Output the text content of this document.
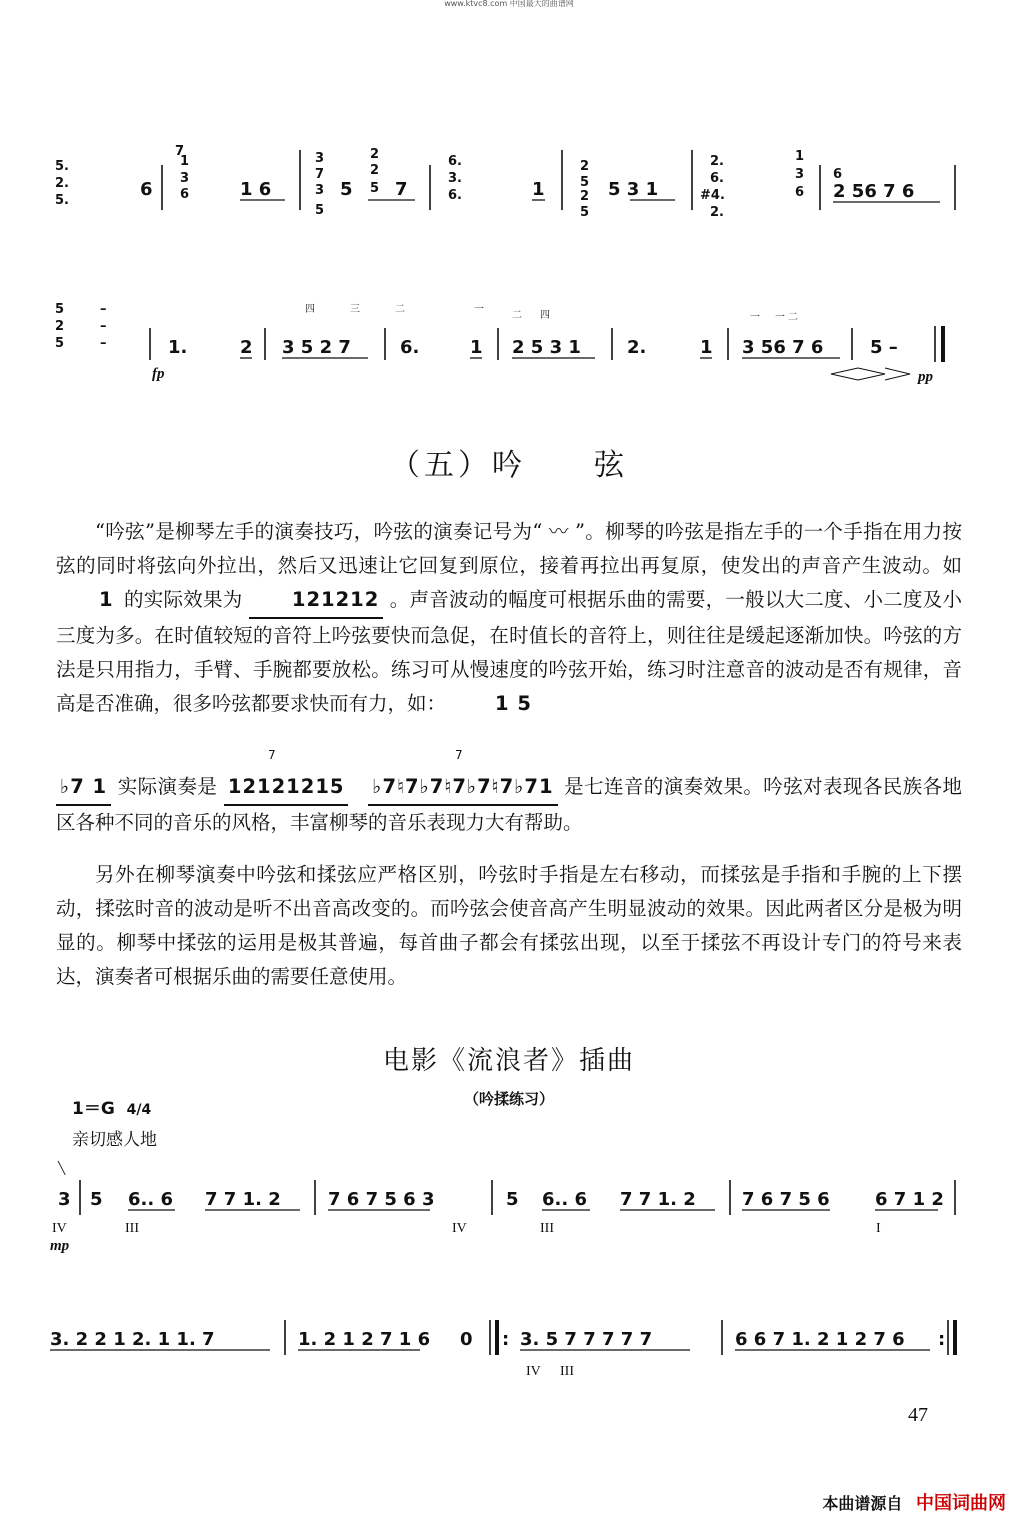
www.ktvc8.com 中国最大的曲谱网
5.
2.
5.
6
7
1
3
6	1 6
3
7
3
5
5
2
2
5 7
6.
3.
6.	1
2
5
2
5
5 3 1
2.
6.
#4.
2.
1
3
6
6
2 56 7 6
5
2
5
–
–
–	1.
fp
2
四	三	二
3 5 2 7	6.
一
1
二 四
2 5 3 1	2.	1
一 一 二
3 56 7 6	5 –
pp
（五）吟　　弦

“吟弦”是柳琴左手的演奏技巧，吟弦的演奏记号为“ 〰 ”。柳琴的吟弦是指左手的一个手指在用力按弦的同时将弦向外拉出，然后又迅速让它回复到原位，接着再拉出再复原，使发出的声音产生波动。如1 的实际效果为 121212 。声音波动的幅度可根据乐曲的需要，一般以大二度、小二度及小三度为多。在时值较短的音符上吟弦要快而急促，在时值长的音符上，则往往是缓起逐渐加快。吟弦的方法是只用指力，手臂、手腕都要放松。练习可从慢速度的吟弦开始，练习时注意音的波动是否有规律，音高是否准确，很多吟弦都要求快而有力，如：	1 5

♭7 1 实际演奏是 12121215 ♭7♮7♭7♮7♭7♮7♭71 是七连音的演奏效果。吟弦对表现各民族各地区各种不同的音乐的风格，丰富柳琴的音乐表现力大有帮助。

7	7

另外在柳琴演奏中吟弦和揉弦应严格区别，吟弦时手指是左右移动，而揉弦是手指和手腕的上下摆动，揉弦时音的波动是听不出音高改变的。而吟弦会使音高产生明显波动的效果。因此两者区分是极为明显的。柳琴中揉弦的运用是极其普遍，每首曲子都会有揉弦出现，以至于揉弦不再设计专门的符号来表达，演奏者可根据乐曲的需要任意使用。

电影《流浪者》插曲
（吟揉练习）
1＝G 4/4
亲切感人地
╲
3
IV
mp
5 6.. 6
III
7 7 1. 2	7 6 7 5 6 3
IV
5 6.. 6
III
7 7 1. 2	7 6 7 5 6	6 7 1 2
I
3. 2 2 1 2. 1 1. 7	1. 2 1 2 7 1 6 0 : 3. 5 7 7 7 7 7
IV III
6 6 7 1. 2 1 2 7 6 :
47
本曲谱源自 中国词曲网
